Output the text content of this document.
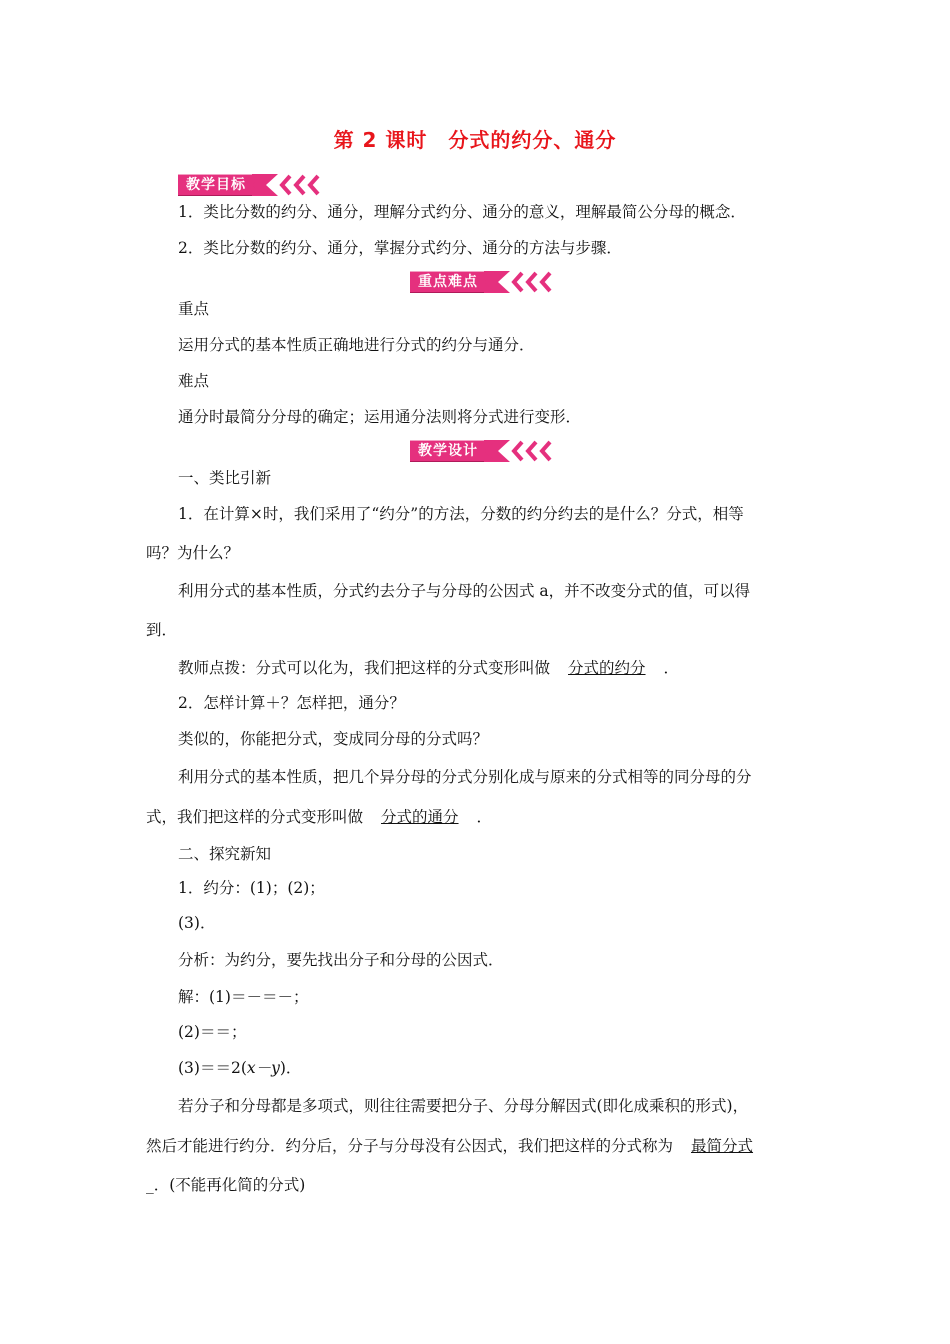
第 2 课时　分式的约分、通分
教学目标
1．类比分数的约分、通分，理解分式约分、通分的意义，理解最简公分母的概念．
2．类比分数的约分、通分，掌握分式约分、通分的方法与步骤．
重点难点
重点
运用分式的基本性质正确地进行分式的约分与通分．
难点
通分时最简分分母的确定；运用通分法则将分式进行变形．
教学设计
一、类比引新
1．在计算×时，我们采用了“约分”的方法，分数的约分约去的是什么？分式，相等
吗？为什么？
利用分式的基本性质，分式约去分子与分母的公因式 a，并不改变分式的值，可以得
到．
教师点拨：分式可以化为，我们把这样的分式变形叫做 分式的约分 ．
2．怎样计算＋？怎样把，通分？
类似的，你能把分式，变成同分母的分式吗？
利用分式的基本性质，把几个异分母的分式分别化成与原来的分式相等的同分母的分
式，我们把这样的分式变形叫做 分式的通分 ．
二、探究新知
1．约分：(1)；(2)；
(3)．
分析：为约分，要先找出分子和分母的公因式．
解：(1)＝－＝－；
(2)＝＝；
(3)＝＝2(x－y)．
若分子和分母都是多项式，则往往需要把分子、分母分解因式(即化成乘积的形式)，
然后才能进行约分．约分后，分子与分母没有公因式，我们把这样的分式称为 最简分式
_．(不能再化简的分式)
